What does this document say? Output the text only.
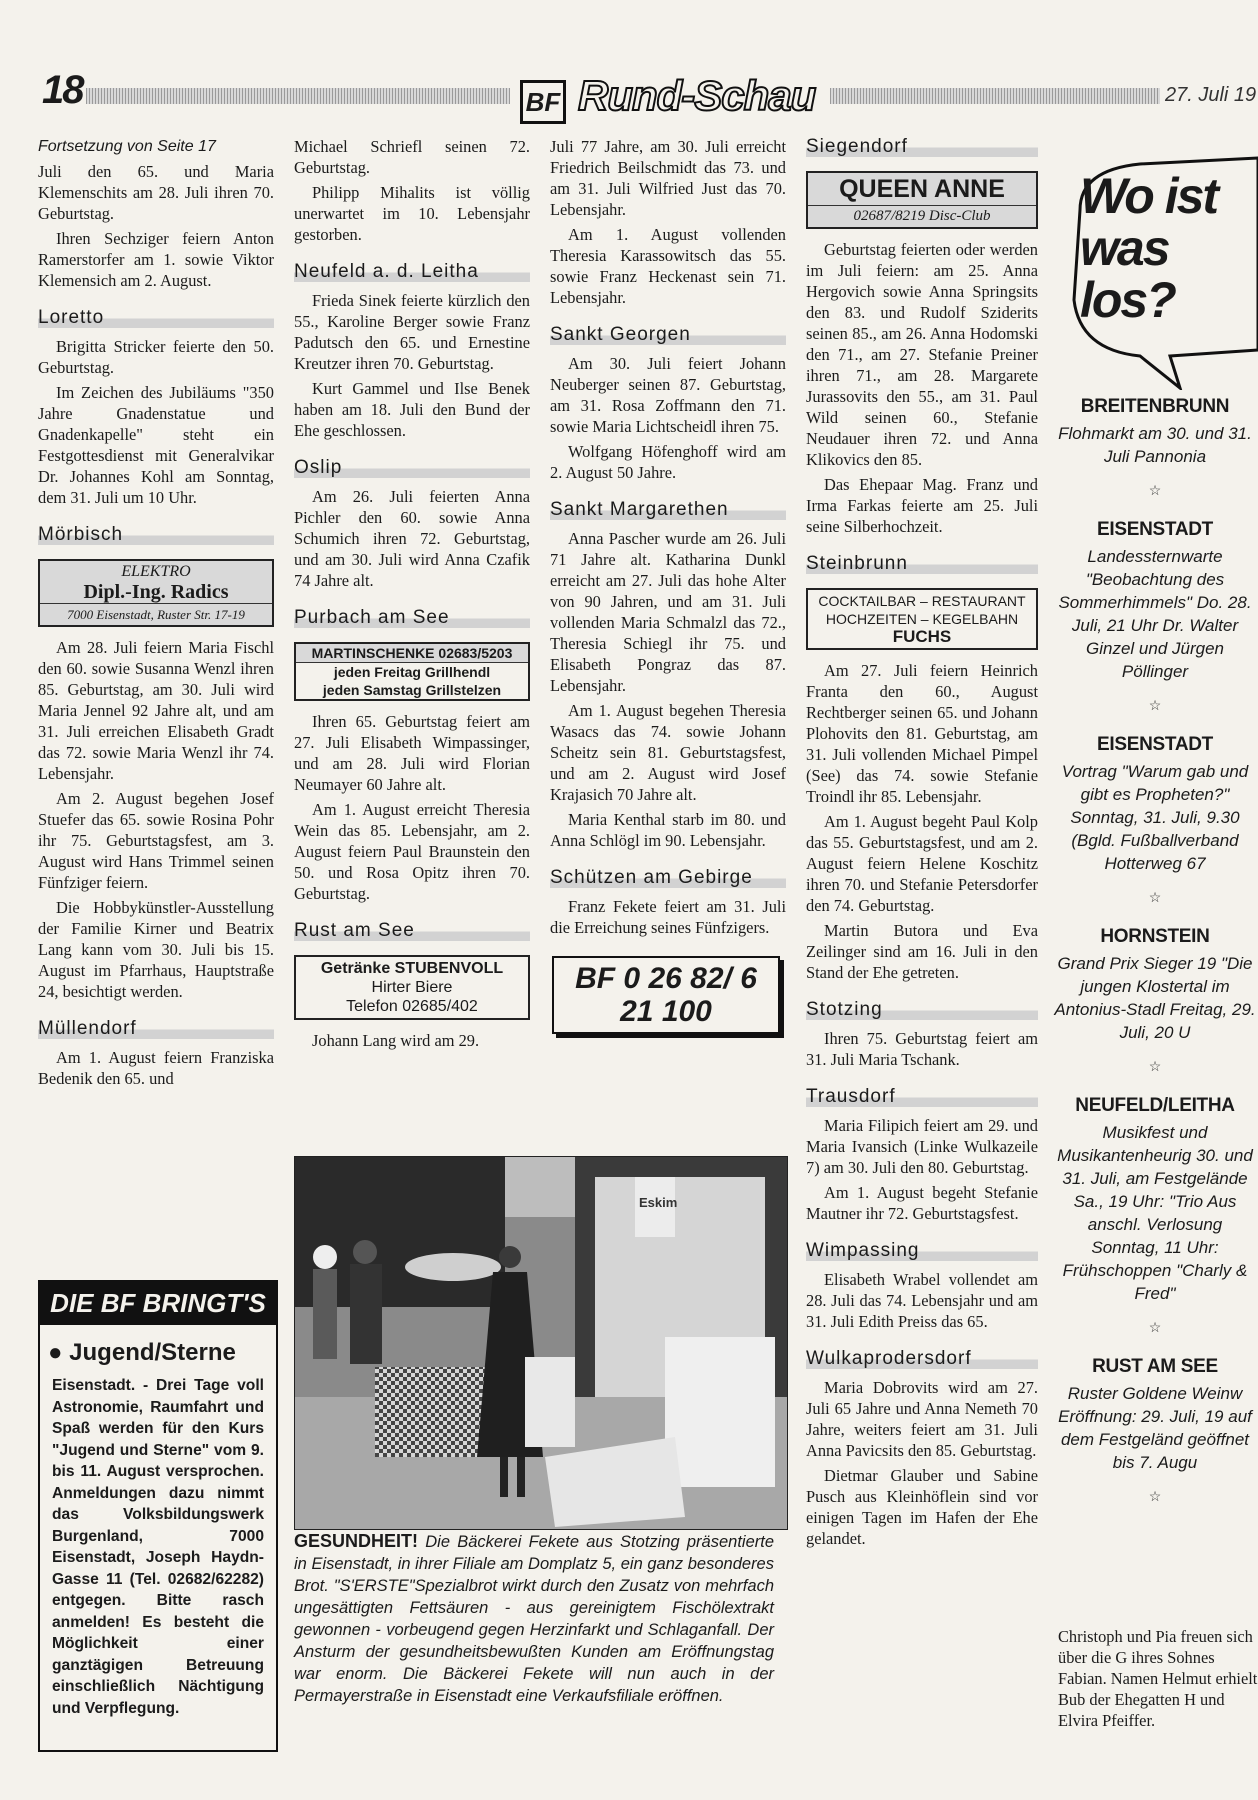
18	BF Rund-Schau	27. Juli 19

Fortsetzung von Seite 17

Juli den 65. und Maria Klemenschits am 28. Juli ihren 70. Geburtstag.

Ihren Sechziger feiern Anton Ramerstorfer am 1. sowie Viktor Klemensich am 2. August.

Loretto

Brigitta Stricker feierte den 50. Geburtstag.

Im Zeichen des Jubiläums "350 Jahre Gnadenstatue und Gnadenkapelle" steht ein Festgottesdienst mit Generalvikar Dr. Johannes Kohl am Sonntag, dem 31. Juli um 10 Uhr.

Mörbisch
ELEKTRO
Dipl.-Ing. Radics
7000 Eisenstadt, Ruster Str. 17-19

Am 28. Juli feiern Maria Fischl den 60. sowie Susanna Wenzl ihren 85. Geburtstag, am 30. Juli wird Maria Jennel 92 Jahre alt, und am 31. Juli erreichen Elisabeth Gradt das 72. sowie Maria Wenzl ihr 74. Lebensjahr.

Am 2. August begehen Josef Stuefer das 65. sowie Rosina Pohr ihr 75. Geburtstagsfest, am 3. August wird Hans Trimmel seinen Fünfziger feiern.

Die Hobbykünstler-Ausstellung der Familie Kirner und Beatrix Lang kann vom 30. Juli bis 15. August im Pfarrhaus, Hauptstraße 24, besichtigt werden.

Müllendorf

Am 1. August feiern Franziska Bedenik den 65. und

DIE BF BRINGT'S
● Jugend/Sterne
Eisenstadt. - Drei Tage voll Astronomie, Raumfahrt und Spaß werden für den Kurs "Jugend und Sterne" vom 9. bis 11. August versprochen. Anmeldungen dazu nimmt das Volksbildungswerk Burgenland, 7000 Eisenstadt, Joseph Haydn-Gasse 11 (Tel. 02682/62282) entgegen. Bitte rasch anmelden! Es besteht die Möglichkeit einer ganztägigen Betreuung einschließlich Nächtigung und Verpflegung.

Michael Schriefl seinen 72. Geburtstag.

Philipp Mihalits ist völlig unerwartet im 10. Lebensjahr gestorben.

Neufeld a. d. Leitha

Frieda Sinek feierte kürzlich den 55., Karoline Berger sowie Franz Padutsch den 65. und Ernestine Kreutzer ihren 70. Geburtstag.

Kurt Gammel und Ilse Benek haben am 18. Juli den Bund der Ehe geschlossen.

Oslip

Am 26. Juli feierten Anna Pichler den 60. sowie Anna Schumich ihren 72. Geburtstag, und am 30. Juli wird Anna Czafik 74 Jahre alt.

Purbach am See
MARTINSCHENKE 02683/5203
jeden Freitag Grillhendl
jeden Samstag Grillstelzen

Ihren 65. Geburtstag feiert am 27. Juli Elisabeth Wimpassinger, und am 28. Juli wird Florian Neumayer 60 Jahre alt.

Am 1. August erreicht Theresia Wein das 85. Lebensjahr, am 2. August feiern Paul Braunstein den 50. und Rosa Opitz ihren 70. Geburtstag.

Rust am See
Getränke STUBENVOLL
Hirter Biere
Telefon 02685/402

Johann Lang wird am 29.

Juli 77 Jahre, am 30. Juli erreicht Friedrich Beilschmidt das 73. und am 31. Juli Wilfried Just das 70. Lebensjahr.

Am 1. August vollenden Theresia Karassowitsch das 55. sowie Franz Heckenast sein 71. Lebensjahr.

Sankt Georgen

Am 30. Juli feiert Johann Neuberger seinen 87. Geburtstag, am 31. Rosa Zoffmann den 71. sowie Maria Lichtscheidl ihren 75.

Wolfgang Höfenghoff wird am 2. August 50 Jahre.

Sankt Margarethen

Anna Pascher wurde am 26. Juli 71 Jahre alt. Katharina Dunkl erreicht am 27. Juli das hohe Alter von 90 Jahren, und am 31. Juli vollenden Maria Schmalzl das 72., Theresia Schiegl ihr 75. und Elisabeth Pongraz das 87. Lebensjahr.

Am 1. August begehen Theresia Wasacs das 74. sowie Johann Scheitz sein 81. Geburtstagsfest, und am 2. August wird Josef Krajasich 70 Jahre alt.

Maria Kenthal starb im 80. und Anna Schlögl im 90. Lebensjahr.

Schützen am Gebirge

Franz Fekete feiert am 31. Juli die Erreichung seines Fünfzigers.

BF 0 26 82/ 6 21 100
Eskim
GESUNDHEIT! Die Bäckerei Fekete aus Stotzing präsentierte in Eisenstadt, in ihrer Filiale am Domplatz 5, ein ganz besonderes Brot. "S'ERSTE"Spezialbrot wirkt durch den Zusatz von mehrfach ungesättigten Fettsäuren - aus gereinigtem Fischölextrakt gewonnen - vorbeugend gegen Herzinfarkt und Schlaganfall. Der Ansturm der gesundheitsbewußten Kunden am Eröffnungstag war enorm. Die Bäckerei Fekete will nun auch in der Permayerstraße in Eisenstadt eine Verkaufsfiliale eröffnen.
Siegendorf
QUEEN ANNE
02687/8219 Disc-Club

Geburtstag feierten oder werden im Juli feiern: am 25. Anna Hergovich sowie Anna Springsits den 83. und Rudolf Sziderits seinen 85., am 26. Anna Hodomski den 71., am 27. Stefanie Preiner ihren 71., am 28. Margarete Jurassovits den 55., am 31. Paul Wild seinen 60., Stefanie Neudauer ihren 72. und Anna Klikovics den 85.

Das Ehepaar Mag. Franz und Irma Farkas feierte am 25. Juli seine Silberhochzeit.

Steinbrunn
COCKTAILBAR – RESTAURANT
HOCHZEITEN – KEGELBAHN
FUCHS

Am 27. Juli feiern Heinrich Franta den 60., August Rechtberger seinen 65. und Johann Plohovits den 81. Geburtstag, am 31. Juli vollenden Michael Pimpel (See) das 74. sowie Stefanie Troindl ihr 85. Lebensjahr.

Am 1. August begeht Paul Kolp das 55. Geburtstagsfest, und am 2. August feiern Helene Koschitz ihren 70. und Stefanie Petersdorfer den 74. Geburtstag.

Martin Butora und Eva Zeilinger sind am 16. Juli in den Stand der Ehe getreten.

Stotzing

Ihren 75. Geburtstag feiert am 31. Juli Maria Tschank.

Trausdorf

Maria Filipich feiert am 29. und Maria Ivansich (Linke Wulkazeile 7) am 30. Juli den 80. Geburtstag.

Am 1. August begeht Stefanie Mautner ihr 72. Geburtstagsfest.

Wimpassing

Elisabeth Wrabel vollendet am 28. Juli das 74. Lebensjahr und am 31. Juli Edith Preiss das 65.

Wulkaprodersdorf

Maria Dobrovits wird am 27. Juli 65 Jahre und Anna Nemeth 70 Jahre, weiters feiert am 31. Juli Anna Pavicsits den 85. Geburtstag.

Dietmar Glauber und Sabine Pusch aus Kleinhöflein sind vor einigen Tagen im Hafen der Ehe gelandet.

Wo ist was los?
BREITENBRUNN

Flohmarkt am 30. und 31. Juli Pannonia

☆
EISENSTADT

Landessternwarte "Beobachtung des Sommerhimmels" Do. 28. Juli, 21 Uhr Dr. Walter Ginzel und Jürgen Pöllinger

☆
EISENSTADT

Vortrag "Warum gab und gibt es Propheten?" Sonntag, 31. Juli, 9.30 (Bgld. Fußballverband Hotterweg 67

☆
HORNSTEIN

Grand Prix Sieger 19 "Die jungen Klostertal im Antonius-Stadl Freitag, 29. Juli, 20 U

☆
NEUFELD/LEITHA

Musikfest und Musikantenheurig 30. und 31. Juli, am Festgelände Sa., 19 Uhr: "Trio Aus anschl. Verlosung Sonntag, 11 Uhr: Frühschoppen "Charly & Fred"

☆
RUST AM SEE

Ruster Goldene Weinw Eröffnung: 29. Juli, 19 auf dem Festgeländ geöffnet bis 7. Augu

☆
Christoph und Pia freuen sich über die G ihres Sohnes Fabian. Namen Helmut erhielt Bub der Ehegatten H und Elvira Pfeiffer.
